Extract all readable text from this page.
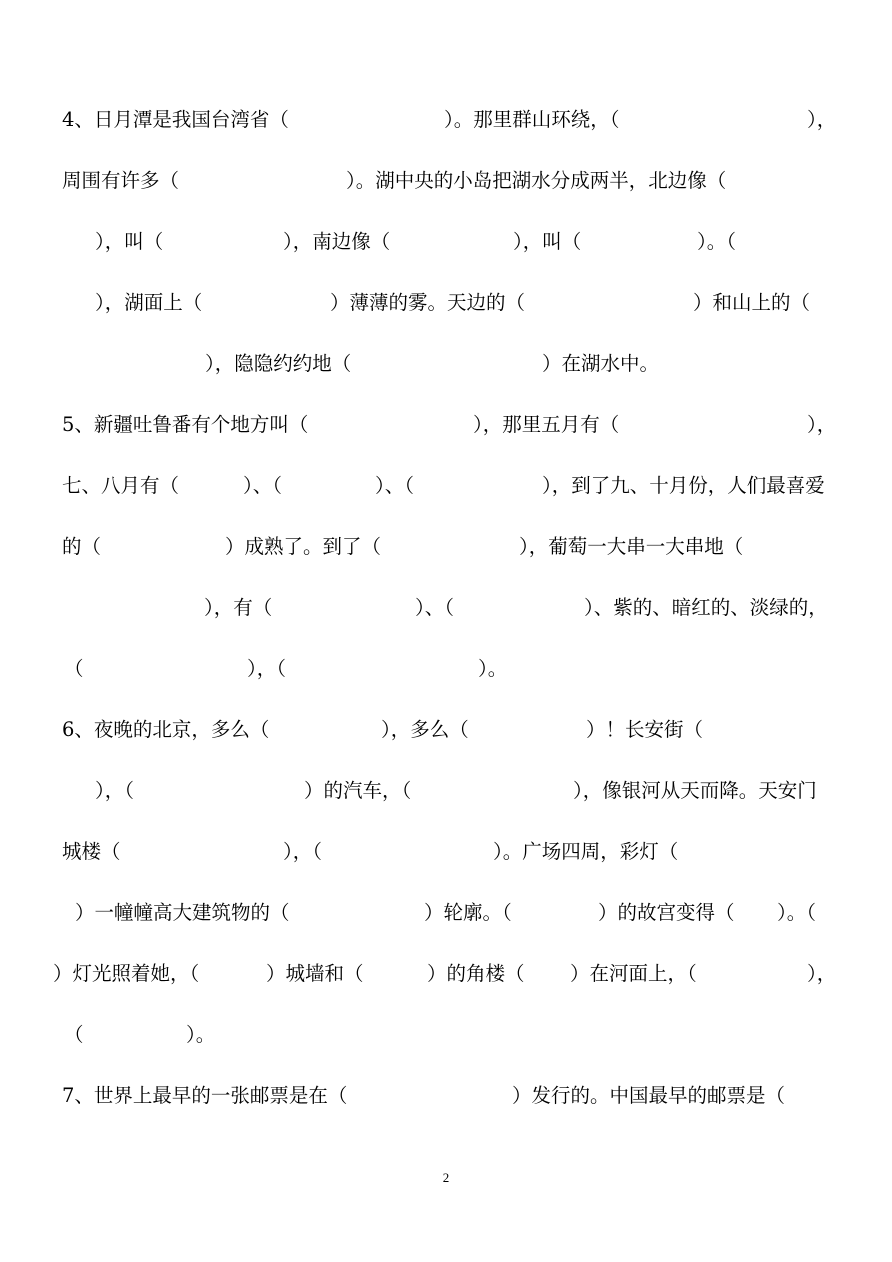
4、日月潭是我国台湾省（

	）。那里群山环绕，（

	），

周围有许多（

	）。湖中央的小岛把湖水分成两半，北边像（

），叫（

	），南边像（

	），叫（

	）。（

），湖面上（

	）薄薄的雾。天边的（

	）和山上的（

），隐隐约约地（

	）在湖水中。

5、新疆吐鲁番有个地方叫（

	），那里五月有（

	），

七、八月有（

	）、（

	）、（

	），到了九、十月份，人们最喜爱

的（

	）成熟了。到了（

	），葡萄一大串一大串地（

），有（

	）、（

	）、紫的、暗红的、淡绿的，

（

	），（

	）。

6、夜晚的北京，多么（

	），多么（

	）！长安街（

），（

	）的汽车，（

	），像银河从天而降。天安门

城楼（

	），（

	）。广场四周，彩灯（

）一幢幢高大建筑物的（

	）轮廓。（

	）的故宫变得（

）。（

）灯光照着她，（

	）城墙和（

	）的角楼（

）在河面上，（

	），

（

	）。

7、世界上最早的一张邮票是在（

	）发行的。中国最早的邮票是（

2
